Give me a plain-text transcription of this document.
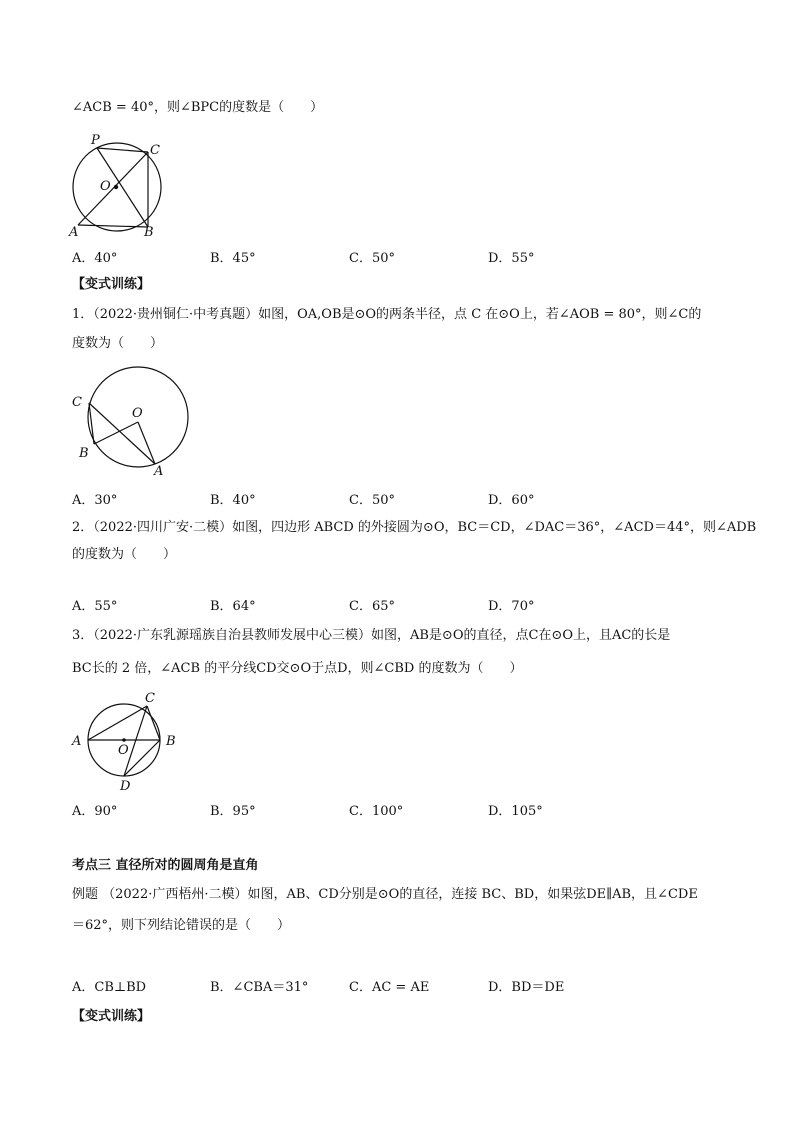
∠ACB = 40°，则∠BPC的度数是（　　）
P
C
O
A	B
A．40°	B．45°	C．50°	D．55°
【变式训练】
1．（2022·贵州铜仁·中考真题）如图，OA,OB是⊙O的两条半径，点 C 在⊙O上，若∠AOB = 80°，则∠C的
度数为（　　）
C
O
B
A
A．30°	B．40°	C．50°	D．60°
2．（2022·四川广安·二模）如图，四边形 ABCD 的外接圆为⊙O，BC＝CD，∠DAC＝36°，∠ACD＝44°，则∠ADB
的度数为（　　）
A．55°	B．64°	C．65°	D．70°
3．（2022·广东乳源瑶族自治县教师发展中心三模）如图，AB是⊙O的直径，点C在⊙O上，且AC的长是
BC长的 2 倍，∠ACB 的平分线CD交⊙O于点D，则∠CBD 的度数为（　　）
C
A
O
B
D
A．90°	B．95°	C．100°	D．105°
考点三 直径所对的圆周角是直角
例题 （2022·广西梧州·二模）如图，AB、CD分别是⊙O的直径，连接 BC、BD，如果弦DE∥AB，且∠CDE
＝62°，则下列结论错误的是（　　）
A．CB⊥BD	B．∠CBA＝31°	C．AC = AE	D．BD＝DE
【变式训练】
